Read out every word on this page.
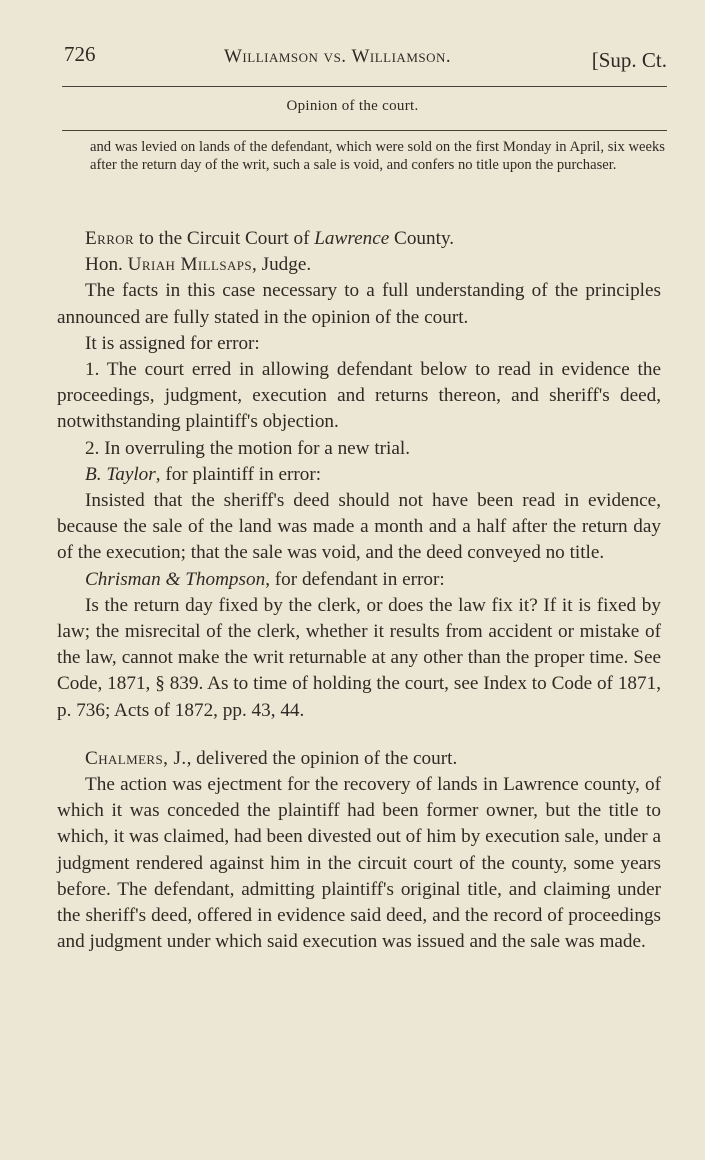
726	Williamson vs. Williamson.	[Sup. Ct.
Opinion of the court.
and was levied on lands of the defendant, which were sold on the first Monday in April, six weeks after the return day of the writ, such a sale is void, and confers no title upon the purchaser.

Error to the Circuit Court of Lawrence County.

Hon. Uriah Millsaps, Judge.

The facts in this case necessary to a full understanding of the principles announced are fully stated in the opinion of the court.

It is assigned for error:

1. The court erred in allowing defendant below to read in evidence the proceedings, judgment, execution and returns thereon, and sheriff's deed, notwithstanding plaintiff's objection.

2. In overruling the motion for a new trial.

B. Taylor, for plaintiff in error:

Insisted that the sheriff's deed should not have been read in evidence, because the sale of the land was made a month and a half after the return day of the execution; that the sale was void, and the deed conveyed no title.

Chrisman & Thompson, for defendant in error:

Is the return day fixed by the clerk, or does the law fix it? If it is fixed by law; the misrecital of the clerk, whether it results from accident or mistake of the law, cannot make the writ returnable at any other than the proper time. See Code, 1871, § 839. As to time of holding the court, see Index to Code of 1871, p. 736; Acts of 1872, pp. 43, 44.

Chalmers, J., delivered the opinion of the court.

The action was ejectment for the recovery of lands in Lawrence county, of which it was conceded the plaintiff had been former owner, but the title to which, it was claimed, had been divested out of him by execution sale, under a judgment rendered against him in the circuit court of the county, some years before. The defendant, admitting plaintiff's original title, and claiming under the sheriff's deed, offered in evidence said deed, and the record of proceedings and judgment under which said execution was issued and the sale was made.
